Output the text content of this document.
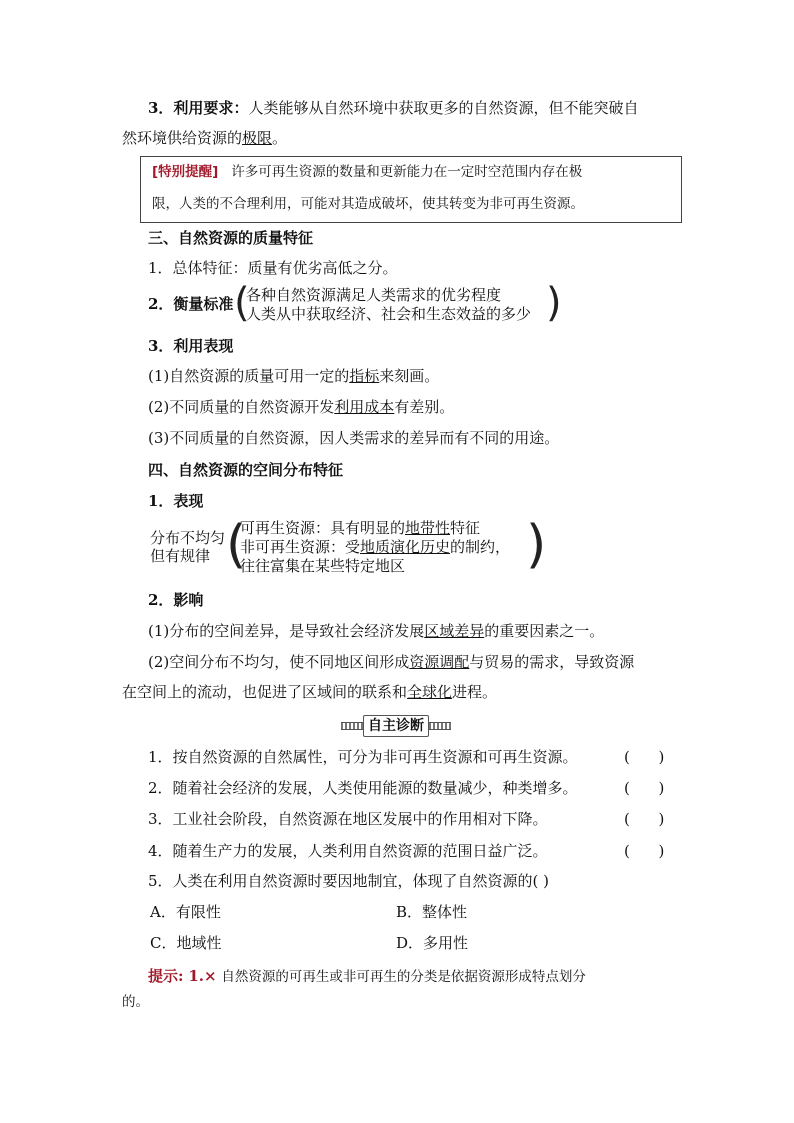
3．利用要求：人类能够从自然环境中获取更多的自然资源，但不能突破自
然环境供给资源的极限。
[特别提醒] 许多可再生资源的数量和更新能力在一定时空范围内存在极
限，人类的不合理利用，可能对其造成破坏，使其转变为非可再生资源。
三、自然资源的质量特征
1．总体特征：质量有优劣高低之分。
2．衡量标准 (
各种自然资源满足人类需求的优劣程度
人类从中获取经济、社会和生态效益的多少 )
3．利用表现
(1)自然资源的质量可用一定的指标来刻画。
(2)不同质量的自然资源开发利用成本有差别。
(3)不同质量的自然资源，因人类需求的差异而有不同的用途。
四、自然资源的空间分布特征
1．表现
分布不均匀
但有规律 (
可再生资源：具有明显的地带性特征
非可再生资源：受地质演化历史的制约，
往往富集在某些特定地区 )
2．影响
(1)分布的空间差异，是导致社会经济发展区域差异的重要因素之一。
(2)空间分布不均匀，使不同地区间形成资源调配与贸易的需求，导致资源
在空间上的流动，也促进了区域间的联系和全球化进程。
自主诊断
1．按自然资源的自然属性，可分为非可再生资源和可再生资源。	(      )
2．随着社会经济的发展，人类使用能源的数量减少，种类增多。	(      )
3．工业社会阶段，自然资源在地区发展中的作用相对下降。	(      )
4．随着生产力的发展，人类利用自然资源的范围日益广泛。	(      )
5．人类在利用自然资源时要因地制宜，体现了自然资源的( )
A．有限性	B．整体性
C．地域性	D．多用性
提示: 1.× 自然资源的可再生或非可再生的分类是依据资源形成特点划分
的。
